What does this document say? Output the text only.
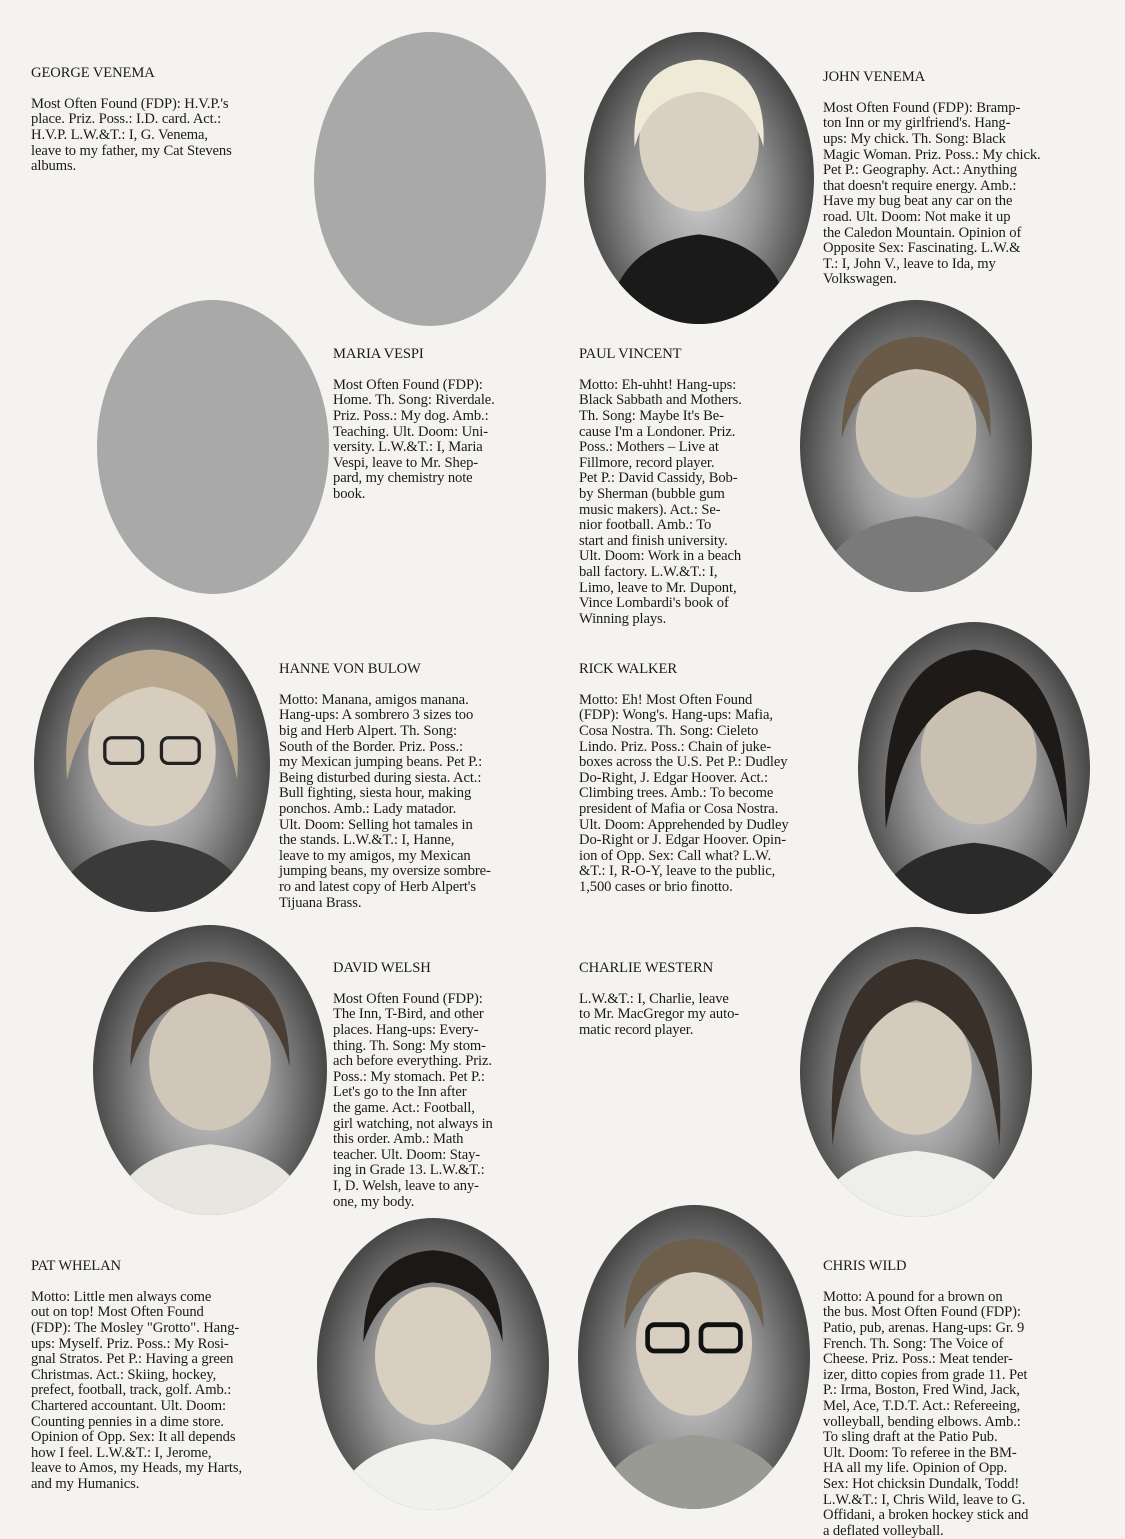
GEORGE VENEMA

Most Often Found (FDP): H.V.P.'s
place. Priz. Poss.: I.D. card. Act.:
H.V.P. L.W.&T.: I, G. Venema,
leave to my father, my Cat Stevens
albums.

JOHN VENEMA

Most Often Found (FDP): Bramp-
ton Inn or my girlfriend's. Hang-
ups: My chick. Th. Song: Black
Magic Woman. Priz. Poss.: My chick.
Pet P.: Geography. Act.: Anything
that doesn't require energy. Amb.:
Have my bug beat any car on the
road. Ult. Doom: Not make it up
the Caledon Mountain. Opinion of
Opposite Sex: Fascinating. L.W.&
T.: I, John V., leave to Ida, my
Volkswagen.

MARIA VESPI

Most Often Found (FDP):
Home. Th. Song: Riverdale.
Priz. Poss.: My dog. Amb.:
Teaching. Ult. Doom: Uni-
versity. L.W.&T.: I, Maria
Vespi, leave to Mr. Shep-
pard, my chemistry note
book.

PAUL VINCENT

Motto: Eh-uhht! Hang-ups:
Black Sabbath and Mothers.
Th. Song: Maybe It's Be-
cause I'm a Londoner. Priz.
Poss.: Mothers – Live at
Fillmore, record player.
Pet P.: David Cassidy, Bob-
by Sherman (bubble gum
music makers). Act.: Se-
nior football. Amb.: To
start and finish university.
Ult. Doom: Work in a beach
ball factory. L.W.&T.: I,
Limo, leave to Mr. Dupont,
Vince Lombardi's book of
Winning plays.

HANNE VON BULOW

Motto: Manana, amigos manana.
Hang-ups: A sombrero 3 sizes too
big and Herb Alpert. Th. Song:
South of the Border. Priz. Poss.:
my Mexican jumping beans. Pet P.:
Being disturbed during siesta. Act.:
Bull fighting, siesta hour, making
ponchos. Amb.: Lady matador.
Ult. Doom: Selling hot tamales in
the stands. L.W.&T.: I, Hanne,
leave to my amigos, my Mexican
jumping beans, my oversize sombre-
ro and latest copy of Herb Alpert's
Tijuana Brass.

RICK WALKER

Motto: Eh! Most Often Found
(FDP): Wong's. Hang-ups: Mafia,
Cosa Nostra. Th. Song: Cieleto
Lindo. Priz. Poss.: Chain of juke-
boxes across the U.S. Pet P.: Dudley
Do-Right, J. Edgar Hoover. Act.:
Climbing trees. Amb.: To become
president of Mafia or Cosa Nostra.
Ult. Doom: Apprehended by Dudley
Do-Right or J. Edgar Hoover. Opin-
ion of Opp. Sex: Call what? L.W.
&T.: I, R-O-Y, leave to the public,
1,500 cases or brio finotto.

DAVID WELSH

Most Often Found (FDP):
The Inn, T-Bird, and other
places. Hang-ups: Every-
thing. Th. Song: My stom-
ach before everything. Priz.
Poss.: My stomach. Pet P.:
Let's go to the Inn after
the game. Act.: Football,
girl watching, not always in
this order. Amb.: Math
teacher. Ult. Doom: Stay-
ing in Grade 13. L.W.&T.:
I, D. Welsh, leave to any-
one, my body.

CHARLIE WESTERN

L.W.&T.: I, Charlie, leave
to Mr. MacGregor my auto-
matic record player.

PAT WHELAN

Motto: Little men always come
out on top! Most Often Found
(FDP): The Mosley "Grotto". Hang-
ups: Myself. Priz. Poss.: My Rosi-
gnal Stratos. Pet P.: Having a green
Christmas. Act.: Skiing, hockey,
prefect, football, track, golf. Amb.:
Chartered accountant. Ult. Doom:
Counting pennies in a dime store.
Opinion of Opp. Sex: It all depends
how I feel. L.W.&T.: I, Jerome,
leave to Amos, my Heads, my Harts,
and my Humanics.

CHRIS WILD

Motto: A pound for a brown on
the bus. Most Often Found (FDP):
Patio, pub, arenas. Hang-ups: Gr. 9
French. Th. Song: The Voice of
Cheese. Priz. Poss.: Meat tender-
izer, ditto copies from grade 11. Pet
P.: Irma, Boston, Fred Wind, Jack,
Mel, Ace, T.D.T. Act.: Refereeing,
volleyball, bending elbows. Amb.:
To sling draft at the Patio Pub.
Ult. Doom: To referee in the BM-
HA all my life. Opinion of Opp.
Sex: Hot chicksin Dundalk, Todd!
L.W.&T.: I, Chris Wild, leave to G.
Offidani, a broken hockey stick and
a deflated volleyball.
